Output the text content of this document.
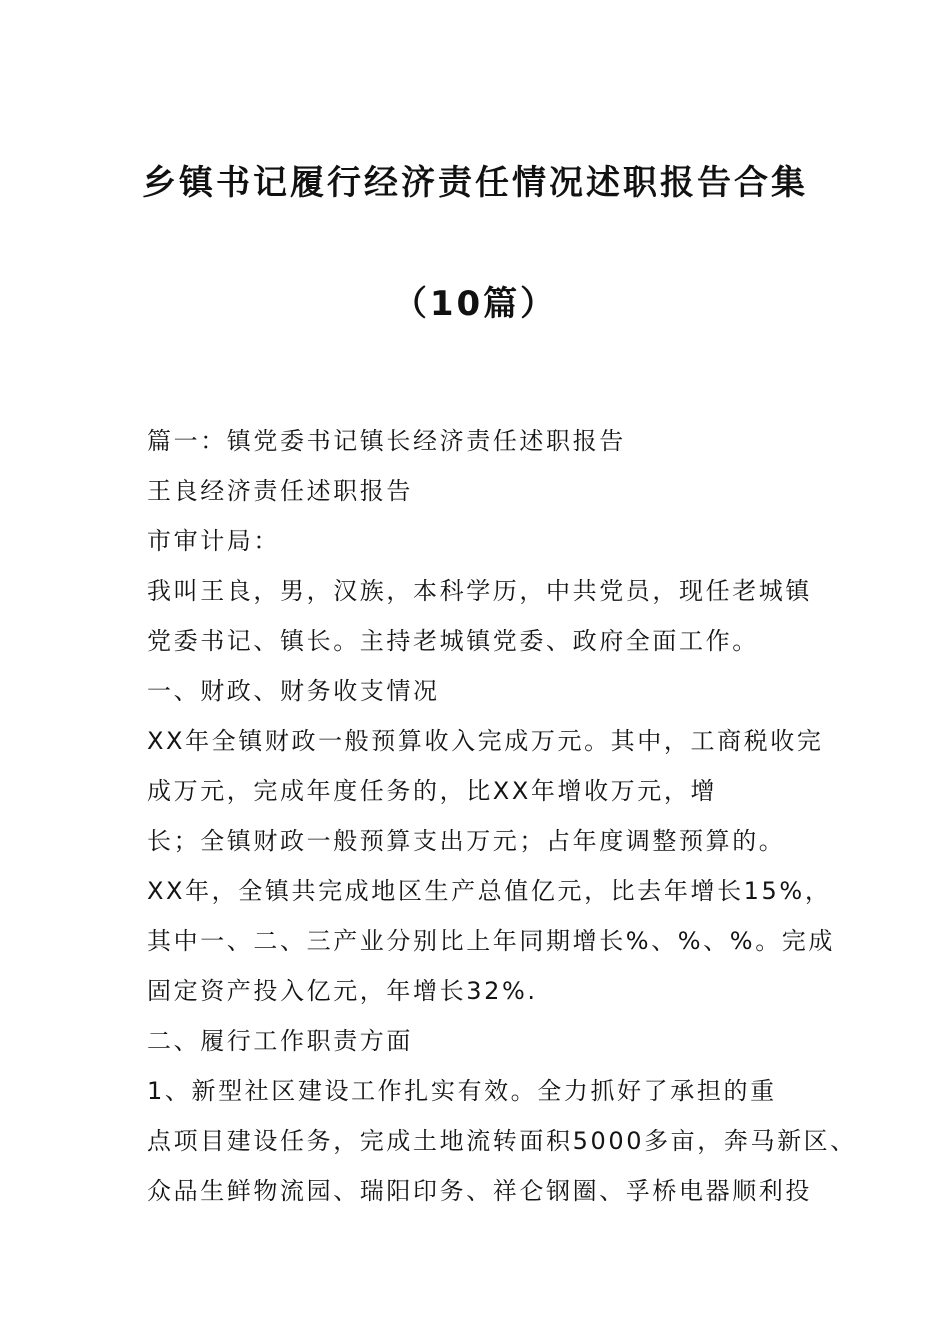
乡镇书记履行经济责任情况述职报告合集
（10篇）
篇一：镇党委书记镇长经济责任述职报告
王良经济责任述职报告
市审计局：
我叫王良，男，汉族，本科学历，中共党员，现任老城镇
党委书记、镇长。主持老城镇党委、政府全面工作。
一、财政、财务收支情况
XX年全镇财政一般预算收入完成万元。其中，工商税收完
成万元，完成年度任务的，比XX年增收万元，增
长；全镇财政一般预算支出万元；占年度调整预算的。
XX年，全镇共完成地区生产总值亿元，比去年增长15%，
其中一、二、三产业分别比上年同期增长%、%、%。完成
固定资产投入亿元，年增长32%.
二、履行工作职责方面
1、新型社区建设工作扎实有效。全力抓好了承担的重
点项目建设任务，完成土地流转面积5000多亩，奔马新区、
众品生鲜物流园、瑞阳印务、祥仑钢圈、孚桥电器顺利投
